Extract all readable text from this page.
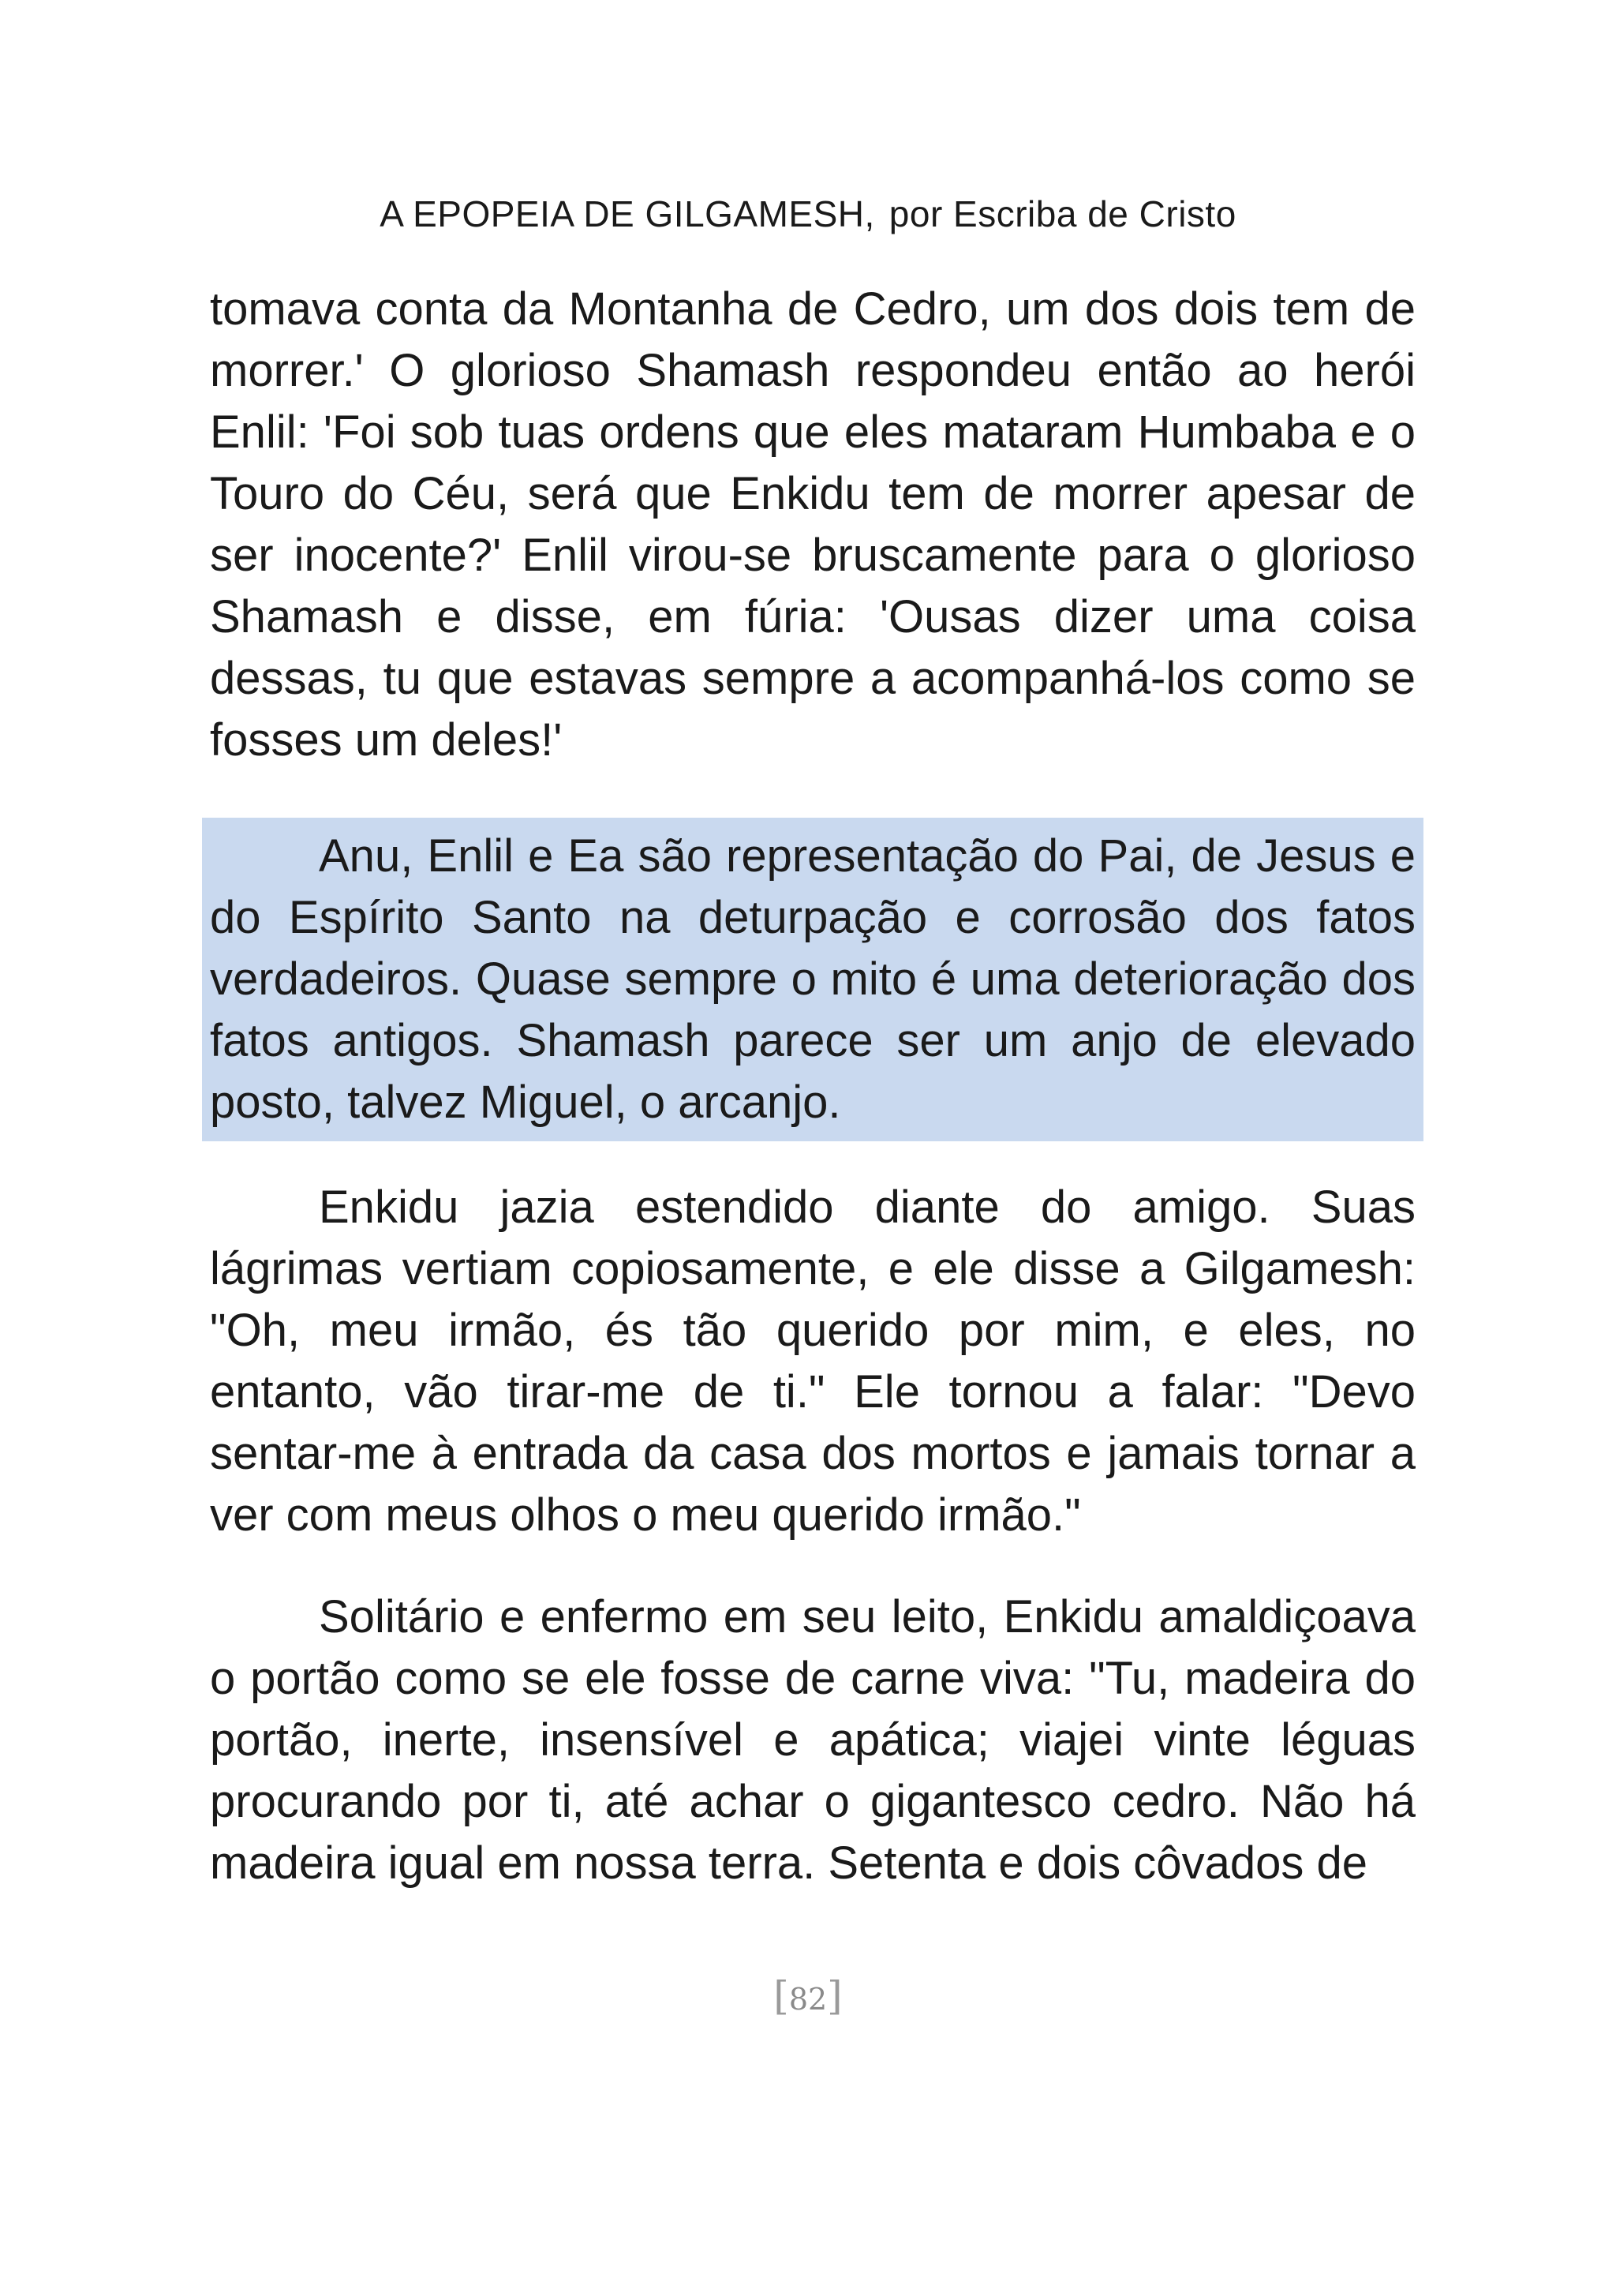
A EPOPEIA DE GILGAMESH, por Escriba de Cristo

tomava conta da Montanha de Cedro, um dos dois tem de morrer.' O glorioso Shamash respondeu então ao herói Enlil: 'Foi sob tuas ordens que eles mataram Humbaba e o Touro do Céu, será que Enkidu tem de morrer apesar de ser inocente?' Enlil virou-se bruscamente para o glorioso Shamash e disse, em fúria: 'Ousas dizer uma coisa dessas, tu que estavas sempre a acompanhá-los como se fosses um deles!'

Anu, Enlil e Ea são representação do Pai, de Jesus e do Espírito Santo na deturpação e corrosão dos fatos verdadeiros. Quase sempre o mito é uma deterioração dos fatos antigos. Shamash parece ser um anjo de elevado posto, talvez Miguel, o arcanjo.

Enkidu jazia estendido diante do amigo. Suas lágrimas vertiam copiosamente, e ele disse a Gilgamesh: "Oh, meu irmão, és tão querido por mim, e eles, no entanto, vão tirar-me de ti." Ele tornou a falar: "Devo sentar-me à entrada da casa dos mortos e jamais tornar a ver com meus olhos o meu querido irmão."

Solitário e enfermo em seu leito, Enkidu amaldiçoava o portão como se ele fosse de carne viva: "Tu, madeira do portão, inerte, insensível e apática; viajei vinte léguas procurando por ti, até achar o gigantesco cedro. Não há madeira igual em nossa terra. Setenta e dois côvados de

[82]
